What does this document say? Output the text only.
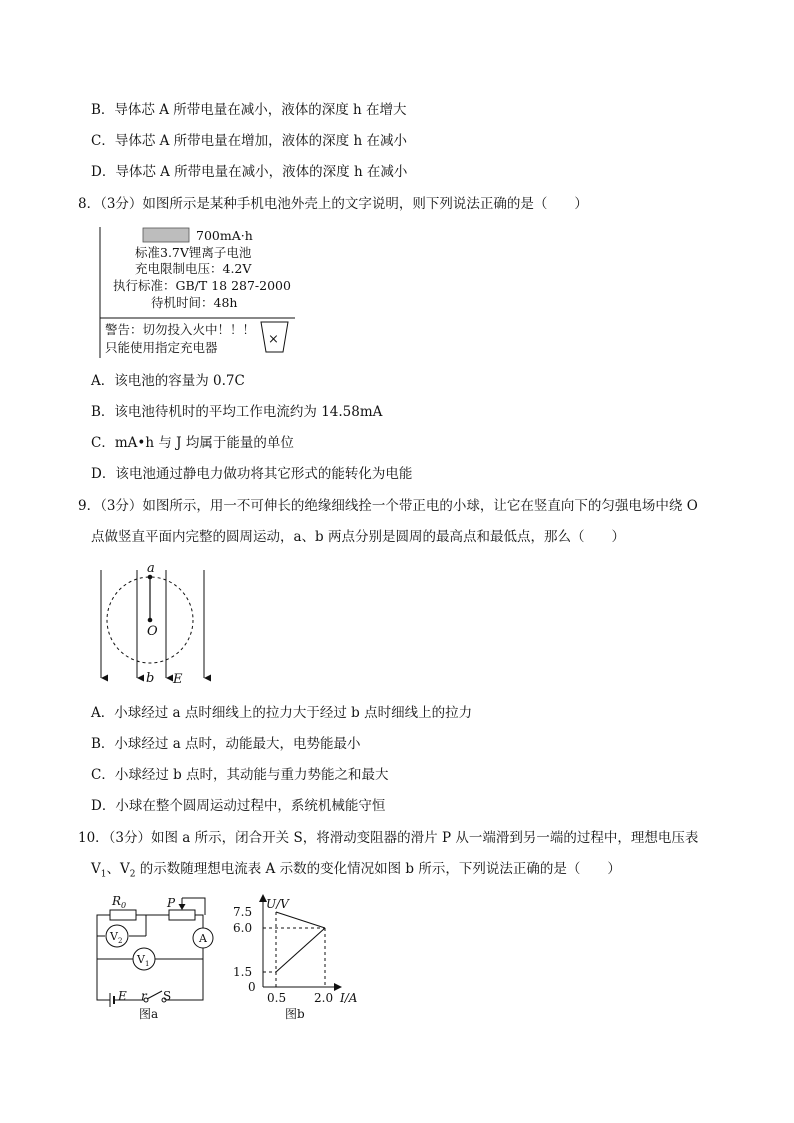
B．导体芯 A 所带电量在减小，液体的深度 h 在增大
C．导体芯 A 所带电量在增加，液体的深度 h 在减小
D．导体芯 A 所带电量在减小，液体的深度 h 在减小
8．（3分）如图所示是某种手机电池外壳上的文字说明，则下列说法正确的是（　　）
700mA·h
标准3.7V锂离子电池
充电限制电压：4.2V
执行标准：GB/T 18 287-2000
待机时间：48h
警告：切勿投入火中！！！
只能使用指定充电器
×
A．该电池的容量为 0.7C
B．该电池待机时的平均工作电流约为 14.58mA
C．mA•h 与 J 均属于能量的单位
D．该电池通过静电力做功将其它形式的能转化为电能
9．（3分）如图所示，用一不可伸长的绝缘细线拴一个带正电的小球，让它在竖直向下的匀强电场中绕 O
点做竖直平面内完整的圆周运动，a、b 两点分别是圆周的最高点和最低点，那么（　　）
a
O
b E
A．小球经过 a 点时细线上的拉力大于经过 b 点时细线上的拉力
B．小球经过 a 点时，动能最大，电势能最小
C．小球经过 b 点时，其动能与重力势能之和最大
D．小球在整个圆周运动过程中，系统机械能守恒
10．（3分）如图 a 所示，闭合开关 S，将滑动变阻器的滑片 P 从一端滑到另一端的过程中，理想电压表
$V_1$、$V_2$ 的示数随理想电流表 A 示数的变化情况如图 b 所示，下列说法正确的是（　　）
$R_0$	P
$V_2$	A
$V_1$
E r S
图a
U/V
I/A
7.5
6.0
1.5
0
0.5 2.0
图b
